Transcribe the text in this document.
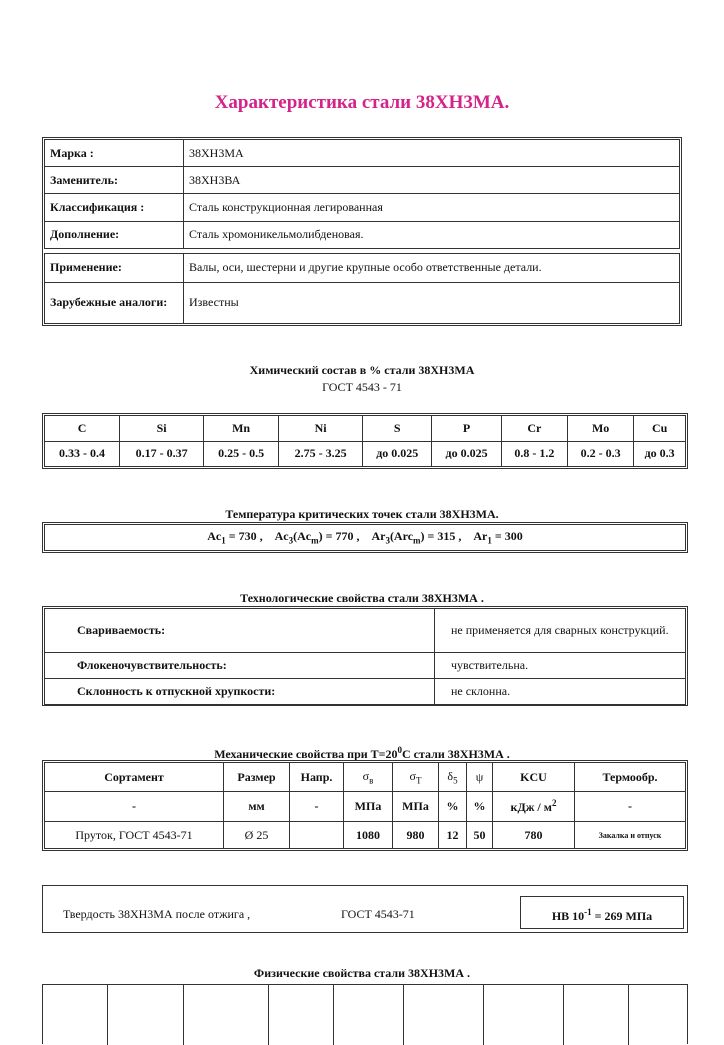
Характеристика стали 38ХН3МА.
Марка :	38ХН3МА
Заменитель:	38ХН3ВА
Классификация :	Сталь конструкционная легированная
Дополнение:	Сталь хромоникельмолибденовая.

Применение:	Валы, оси, шестерни и другие крупные особо ответственные детали.
Зарубежные аналоги:	Известны
Химический состав в % стали 38ХН3МА
ГОСТ 4543 - 71
C	Si	Mn	Ni	S	P	Cr	Mo	Cu
0.33 - 0.4	0.17 - 0.37	0.25 - 0.5	2.75 - 3.25	до 0.025	до 0.025	0.8 - 1.2	0.2 - 0.3	до 0.3
Температура критических точек стали 38ХН3МА.
$Ac_1 = 730$ ,    $Ac_3(Ac_m) = 770$ ,    $Ar_3(Arc_m) = 315$ ,    $Ar_1 = 300$
Технологические свойства стали 38ХН3МА .
Свариваемость:	не применяется для сварных конструкций.
Флокеночувствительность:	чувствительна.
Склонность к отпускной хрупкости:	не склонна.
Механические свойства при $Т=20^0С$ стали 38ХН3МА .
Сортамент	Размер	Напр.	$\sigma_в$	$\sigma_T$	$\delta_5$	ψ	KCU	Термообр.
-	мм	-	МПа	МПа	%	%	кДж / $м^2$	-
Пруток, ГОСТ 4543-71	Ø 25		1080	980	12	50	780	Закалка и отпуск
Твердость 38ХН3МА после отжига ,	ГОСТ 4543-71	НВ $10^{-1} = 269$ МПа
Физические свойства стали 38ХН3МА .
